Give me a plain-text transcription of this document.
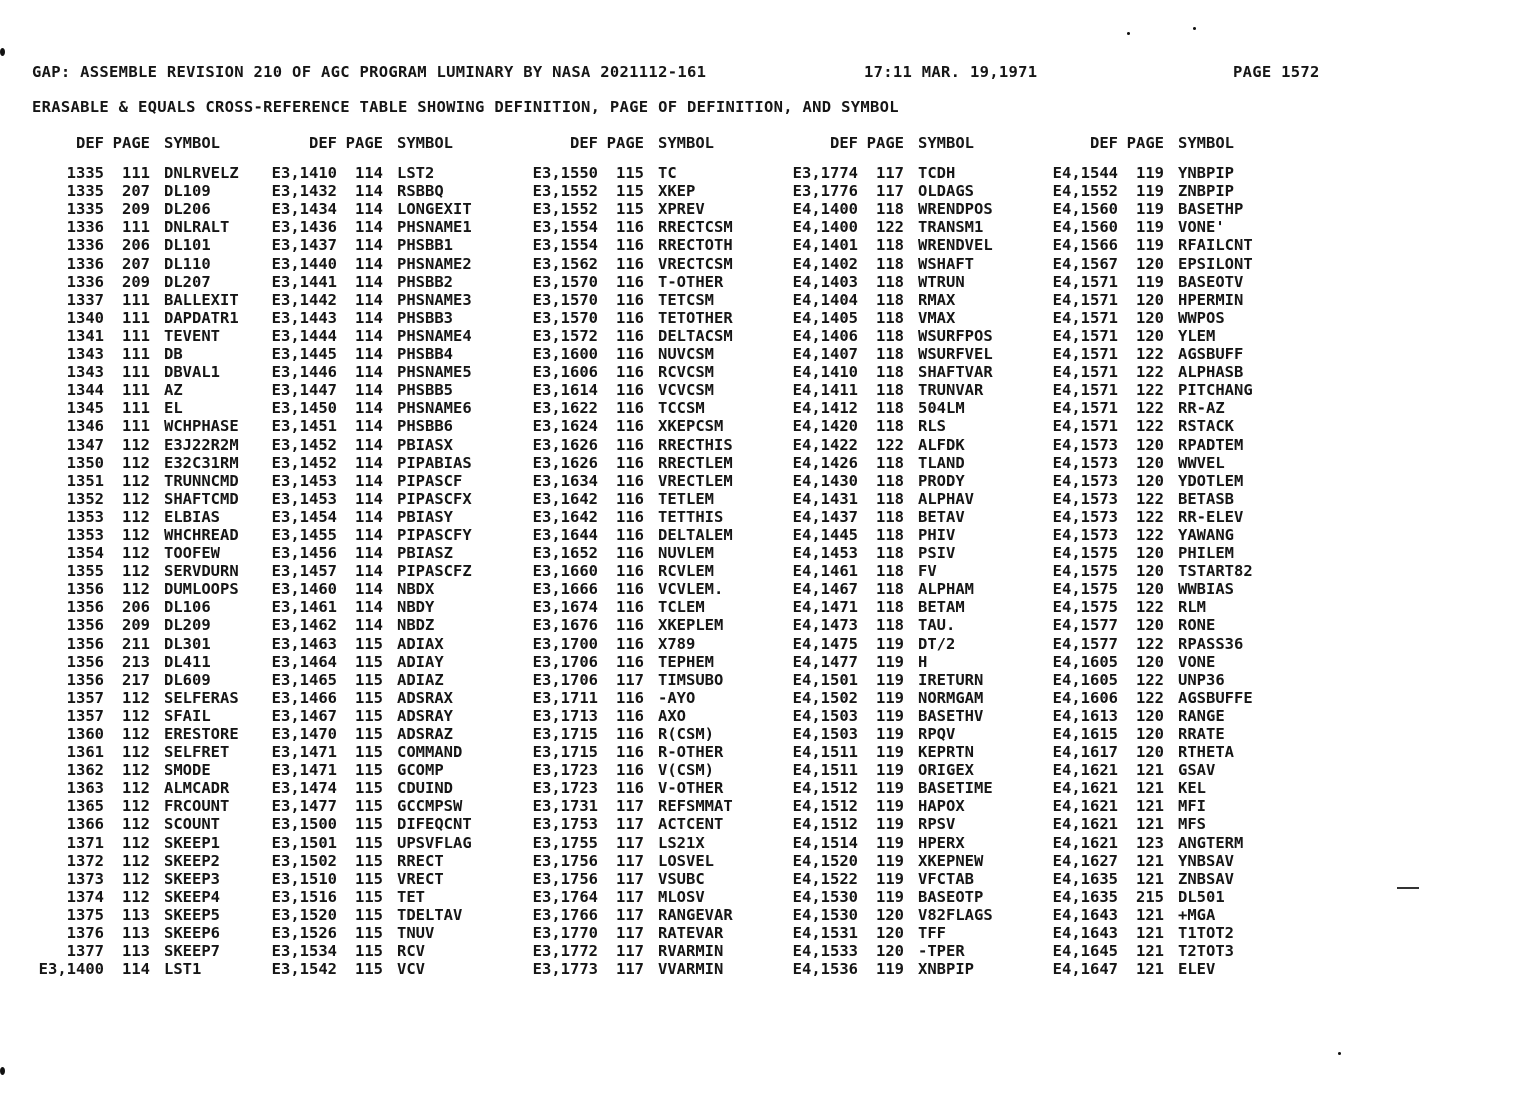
GAP: ASSEMBLE REVISION 210 OF AGC PROGRAM LUMINARY BY NASA 2021112-161	17:11 MAR. 19,1971	PAGE 1572
ERASABLE & EQUALS CROSS-REFERENCE TABLE SHOWING DEFINITION, PAGE OF DEFINITION, AND SYMBOL
DEF PAGE SYMBOL
1335	111 DNLRVELZ
1335	207 DL109
1335	209 DL206
1336	111 DNLRALT
1336	206 DL101
1336	207 DL110
1336	209 DL207
1337	111 BALLEXIT
1340	111 DAPDATR1
1341	111 TEVENT
1343	111 DB
1343	111 DBVAL1
1344	111 AZ
1345	111 EL
1346	111 WCHPHASE
1347	112 E3J22R2M
1350	112 E32C31RM
1351	112 TRUNNCMD
1352	112 SHAFTCMD
1353	112 ELBIAS
1353	112 WHCHREAD
1354	112 TOOFEW
1355	112 SERVDURN
1356	112 DUMLOOPS
1356	206 DL106
1356	209 DL209
1356	211 DL301
1356	213 DL411
1356	217 DL609
1357	112 SELFERAS
1357	112 SFAIL
1360	112 ERESTORE
1361	112 SELFRET
1362	112 SMODE
1363	112 ALMCADR
1365	112 FRCOUNT
1366	112 SCOUNT
1371	112 SKEEP1
1372	112 SKEEP2
1373	112 SKEEP3
1374	112 SKEEP4
1375	113 SKEEP5
1376	113 SKEEP6
1377	113 SKEEP7
E3,1400	114 LST1
DEF PAGE SYMBOL
E3,1410	114 LST2
E3,1432	114 RSBBQ
E3,1434	114 LONGEXIT
E3,1436	114 PHSNAME1
E3,1437	114 PHSBB1
E3,1440	114 PHSNAME2
E3,1441	114 PHSBB2
E3,1442	114 PHSNAME3
E3,1443	114 PHSBB3
E3,1444	114 PHSNAME4
E3,1445	114 PHSBB4
E3,1446	114 PHSNAME5
E3,1447	114 PHSBB5
E3,1450	114 PHSNAME6
E3,1451	114 PHSBB6
E3,1452	114 PBIASX
E3,1452	114 PIPABIAS
E3,1453	114 PIPASCF
E3,1453	114 PIPASCFX
E3,1454	114 PBIASY
E3,1455	114 PIPASCFY
E3,1456	114 PBIASZ
E3,1457	114 PIPASCFZ
E3,1460	114 NBDX
E3,1461	114 NBDY
E3,1462	114 NBDZ
E3,1463	115 ADIAX
E3,1464	115 ADIAY
E3,1465	115 ADIAZ
E3,1466	115 ADSRAX
E3,1467	115 ADSRAY
E3,1470	115 ADSRAZ
E3,1471	115 COMMAND
E3,1471	115 GCOMP
E3,1474	115 CDUIND
E3,1477	115 GCCMPSW
E3,1500	115 DIFEQCNT
E3,1501	115 UPSVFLAG
E3,1502	115 RRECT
E3,1510	115 VRECT
E3,1516	115 TET
E3,1520	115 TDELTAV
E3,1526	115 TNUV
E3,1534	115 RCV
E3,1542	115 VCV
DEF PAGE SYMBOL
E3,1550	115 TC
E3,1552	115 XKEP
E3,1552	115 XPREV
E3,1554	116 RRECTCSM
E3,1554	116 RRECTOTH
E3,1562	116 VRECTCSM
E3,1570	116 T-OTHER
E3,1570	116 TETCSM
E3,1570	116 TETOTHER
E3,1572	116 DELTACSM
E3,1600	116 NUVCSM
E3,1606	116 RCVCSM
E3,1614	116 VCVCSM
E3,1622	116 TCCSM
E3,1624	116 XKEPCSM
E3,1626	116 RRECTHIS
E3,1626	116 RRECTLEM
E3,1634	116 VRECTLEM
E3,1642	116 TETLEM
E3,1642	116 TETTHIS
E3,1644	116 DELTALEM
E3,1652	116 NUVLEM
E3,1660	116 RCVLEM
E3,1666	116 VCVLEM.
E3,1674	116 TCLEM
E3,1676	116 XKEPLEM
E3,1700	116 X789
E3,1706	116 TEPHEM
E3,1706	117 TIMSUBO
E3,1711	116 -AYO
E3,1713	116 AXO
E3,1715	116 R(CSM)
E3,1715	116 R-OTHER
E3,1723	116 V(CSM)
E3,1723	116 V-OTHER
E3,1731	117 REFSMMAT
E3,1753	117 ACTCENT
E3,1755	117 LS21X
E3,1756	117 LOSVEL
E3,1756	117 VSUBC
E3,1764	117 MLOSV
E3,1766	117 RANGEVAR
E3,1770	117 RATEVAR
E3,1772	117 RVARMIN
E3,1773	117 VVARMIN
DEF PAGE SYMBOL
E3,1774	117 TCDH
E3,1776	117 OLDAGS
E4,1400	118 WRENDPOS
E4,1400	122 TRANSM1
E4,1401	118 WRENDVEL
E4,1402	118 WSHAFT
E4,1403	118 WTRUN
E4,1404	118 RMAX
E4,1405	118 VMAX
E4,1406	118 WSURFPOS
E4,1407	118 WSURFVEL
E4,1410	118 SHAFTVAR
E4,1411	118 TRUNVAR
E4,1412	118 504LM
E4,1420	118 RLS
E4,1422	122 ALFDK
E4,1426	118 TLAND
E4,1430	118 PRODY
E4,1431	118 ALPHAV
E4,1437	118 BETAV
E4,1445	118 PHIV
E4,1453	118 PSIV
E4,1461	118 FV
E4,1467	118 ALPHAM
E4,1471	118 BETAM
E4,1473	118 TAU.
E4,1475	119 DT/2
E4,1477	119 H
E4,1501	119 IRETURN
E4,1502	119 NORMGAM
E4,1503	119 BASETHV
E4,1503	119 RPQV
E4,1511	119 KEPRTN
E4,1511	119 ORIGEX
E4,1512	119 BASETIME
E4,1512	119 HAPOX
E4,1512	119 RPSV
E4,1514	119 HPERX
E4,1520	119 XKEPNEW
E4,1522	119 VFCTAB
E4,1530	119 BASEOTP
E4,1530	120 V82FLAGS
E4,1531	120 TFF
E4,1533	120 -TPER
E4,1536	119 XNBPIP
DEF PAGE SYMBOL
E4,1544	119 YNBPIP
E4,1552	119 ZNBPIP
E4,1560	119 BASETHP
E4,1560	119 VONE'
E4,1566	119 RFAILCNT
E4,1567	120 EPSILONT
E4,1571	119 BASEOTV
E4,1571	120 HPERMIN
E4,1571	120 WWPOS
E4,1571	120 YLEM
E4,1571	122 AGSBUFF
E4,1571	122 ALPHASB
E4,1571	122 PITCHANG
E4,1571	122 RR-AZ
E4,1571	122 RSTACK
E4,1573	120 RPADTEM
E4,1573	120 WWVEL
E4,1573	120 YDOTLEM
E4,1573	122 BETASB
E4,1573	122 RR-ELEV
E4,1573	122 YAWANG
E4,1575	120 PHILEM
E4,1575	120 TSTART82
E4,1575	120 WWBIAS
E4,1575	122 RLM
E4,1577	120 RONE
E4,1577	122 RPASS36
E4,1605	120 VONE
E4,1605	122 UNP36
E4,1606	122 AGSBUFFE
E4,1613	120 RANGE
E4,1615	120 RRATE
E4,1617	120 RTHETA
E4,1621	121 GSAV
E4,1621	121 KEL
E4,1621	121 MFI
E4,1621	121 MFS
E4,1621	123 ANGTERM
E4,1627	121 YNBSAV
E4,1635	121 ZNBSAV
E4,1635	215 DL501
E4,1643	121 +MGA
E4,1643	121 T1TOT2
E4,1645	121 T2TOT3
E4,1647	121 ELEV
